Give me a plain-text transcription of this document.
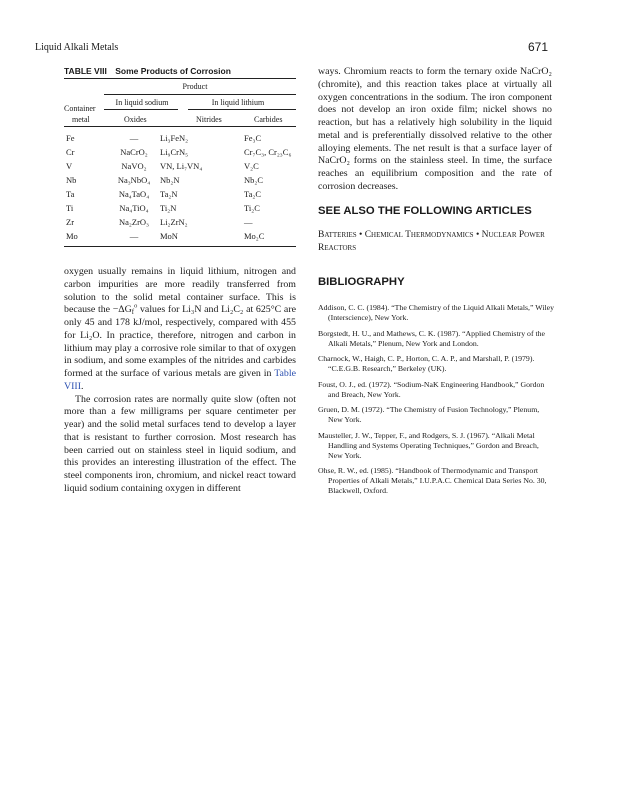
Liquid Alkali Metals	671
TABLE VIII Some Products of Corrosion
Product
In liquid sodium	In liquid lithium
Container
metal	Oxides	Nitrides	Carbides
Fe	—	Li₃FeN₂	Fe₃C
Cr	NaCrO₂	Li₉CrN₅	Cr₇C₃, Cr₂₃C₆
V	NaVO₂	VN, Li₇VN₄	V₂C
Nb	Na₃NbO₄	Nb₂N	Nb₂C
Ta	Na₄TaO₄	Ta₂N	Ta₂C
Ti	Na₄TiO₄	Ti₂N	Ti₂C
Zr	Na₂ZrO₃	Li₂ZrN₂	—
Mo	—	MoN	Mo₂C

oxygen usually remains in liquid lithium, nitrogen and carbon impurities are more readily transferred from solution to the solid metal container surface. This is because the $-\Delta G_f^o$ values for Li₃N and Li₂C₂ at 625°C are only 45 and 178 kJ/mol, respectively, compared with 455 for Li₂O. In practice, therefore, nitrogen and carbon in lithium may play a corrosive role similar to that of oxygen in sodium, and some examples of the nitrides and carbides formed at the surface of various metals are given in Table VIII.

The corrosion rates are normally quite slow (often not more than a few milligrams per square centimeter per year) and the solid metal surfaces tend to develop a layer that is resistant to further corrosion. Most research has been carried out on stainless steel in liquid sodium, and this provides an interesting illustration of the effect. The steel components iron, chromium, and nickel react toward liquid sodium containing oxygen in different

ways. Chromium reacts to form the ternary oxide NaCrO₂ (chromite), and this reaction takes place at virtually all oxygen concentrations in the sodium. The iron component does not develop an iron oxide film; nickel shows no reaction, but has a relatively high solubility in the liquid metal and is preferentially dissolved relative to the other alloying elements. The net result is that a surface layer of NaCrO₂ forms on the stainless steel. In time, the surface reaches an equilibrium composition and the rate of corrosion decreases.

SEE ALSO THE FOLLOWING ARTICLES
Batteries • Chemical Thermodynamics • Nuclear Power Reactors
BIBLIOGRAPHY

Addison, C. C. (1984). “The Chemistry of the Liquid Alkali Metals,” Wiley (Interscience), New York.

Borgstedt, H. U., and Mathews, C. K. (1987). “Applied Chemistry of the Alkali Metals,” Plenum, New York and London.

Charnock, W., Haigh, C. P., Horton, C. A. P., and Marshall, P. (1979). “C.E.G.B. Research,” Berkeley (UK).

Foust, O. J., ed. (1972). “Sodium-NaK Engineering Handbook,” Gordon and Breach, New York.

Gruen, D. M. (1972). “The Chemistry of Fusion Technology,” Plenum, New York.

Mausteller, J. W., Tepper, F., and Rodgers, S. J. (1967). “Alkali Metal Handling and Systems Operating Techniques,” Gordon and Breach, New York.

Ohse, R. W., ed. (1985). “Handbook of Thermodynamic and Transport Properties of Alkali Metals,” I.U.P.A.C. Chemical Data Series No. 30, Blackwell, Oxford.
